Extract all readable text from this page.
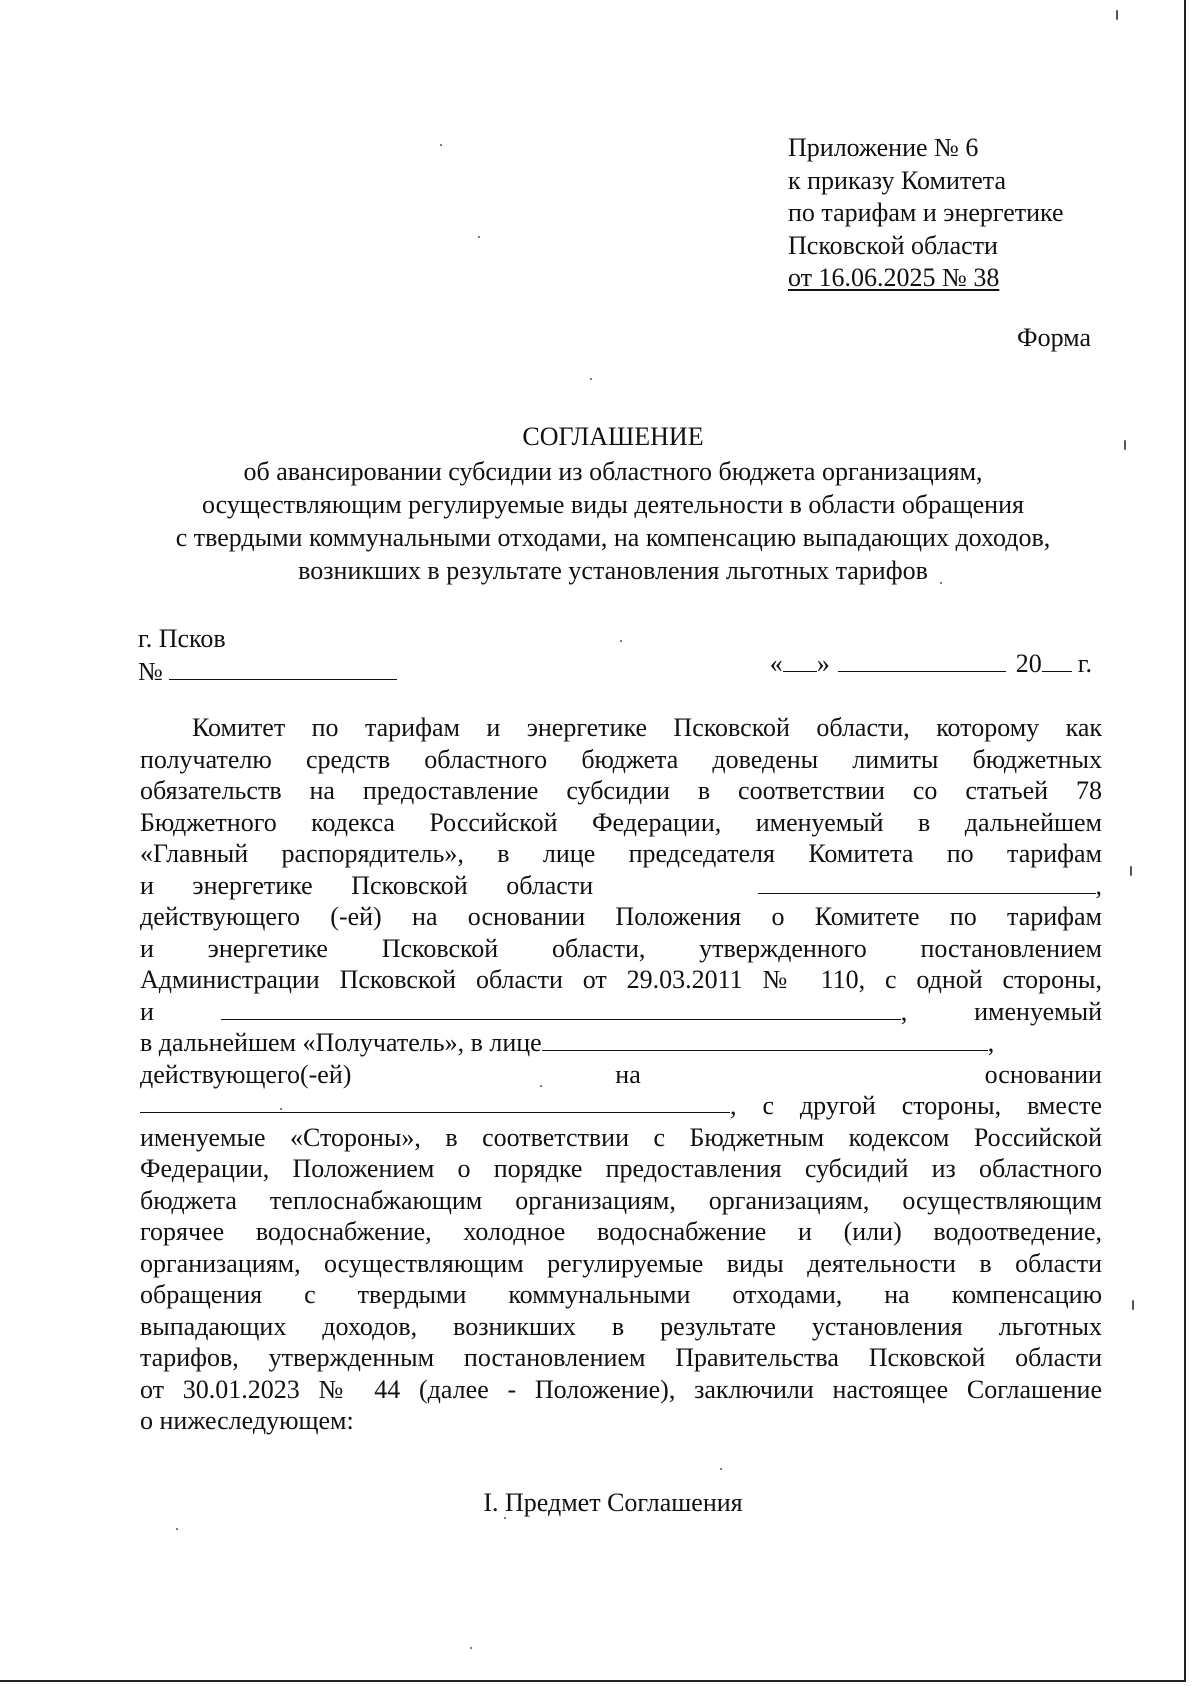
Приложение № 6
к приказу Комитета
по тарифам и энергетике
Псковской области
от 16.06.2025 № 38
Форма
СОГЛАШЕНИЕ
об авансировании субсидии из областного бюджета организациям,
осуществляющим регулируемые виды деятельности в области обращения
с твердыми коммунальными отходами, на компенсацию выпадающих доходов,
возникших в результате установления льготных тарифов
г. Псков
№	« »	20 г.
Комитет по тарифам и энергетике Псковской области, которому как
получателю средств областного бюджета доведены лимиты бюджетных
обязательств на предоставление субсидии в соответствии со статьей 78
Бюджетного кодекса Российской Федерации, именуемый в дальнейшем
«Главный распорядитель», в лице председателя Комитета по тарифам
и энергетике Псковской области	,
действующего (-ей) на основании Положения о Комитете по тарифам
и энергетике Псковской области, утвержденного постановлением
Администрации Псковской области от 29.03.2011 № 110, с одной стороны,
и	,	именуемый
в дальнейшем «Получатель», в лице	,
действующего(-ей)	на	основании
, с другой стороны, вместе
именуемые «Стороны», в соответствии с Бюджетным кодексом Российской
Федерации, Положением о порядке предоставления субсидий из областного
бюджета теплоснабжающим организациям, организациям, осуществляющим
горячее водоснабжение, холодное водоснабжение и (или) водоотведение,
организациям, осуществляющим регулируемые виды деятельности в области
обращения с твердыми коммунальными отходами, на компенсацию
выпадающих доходов, возникших в результате установления льготных
тарифов, утвержденным постановлением Правительства Псковской области
от 30.01.2023 № 44 (далее - Положение), заключили настоящее Соглашение
о нижеследующем:
I. Предмет Соглашения
